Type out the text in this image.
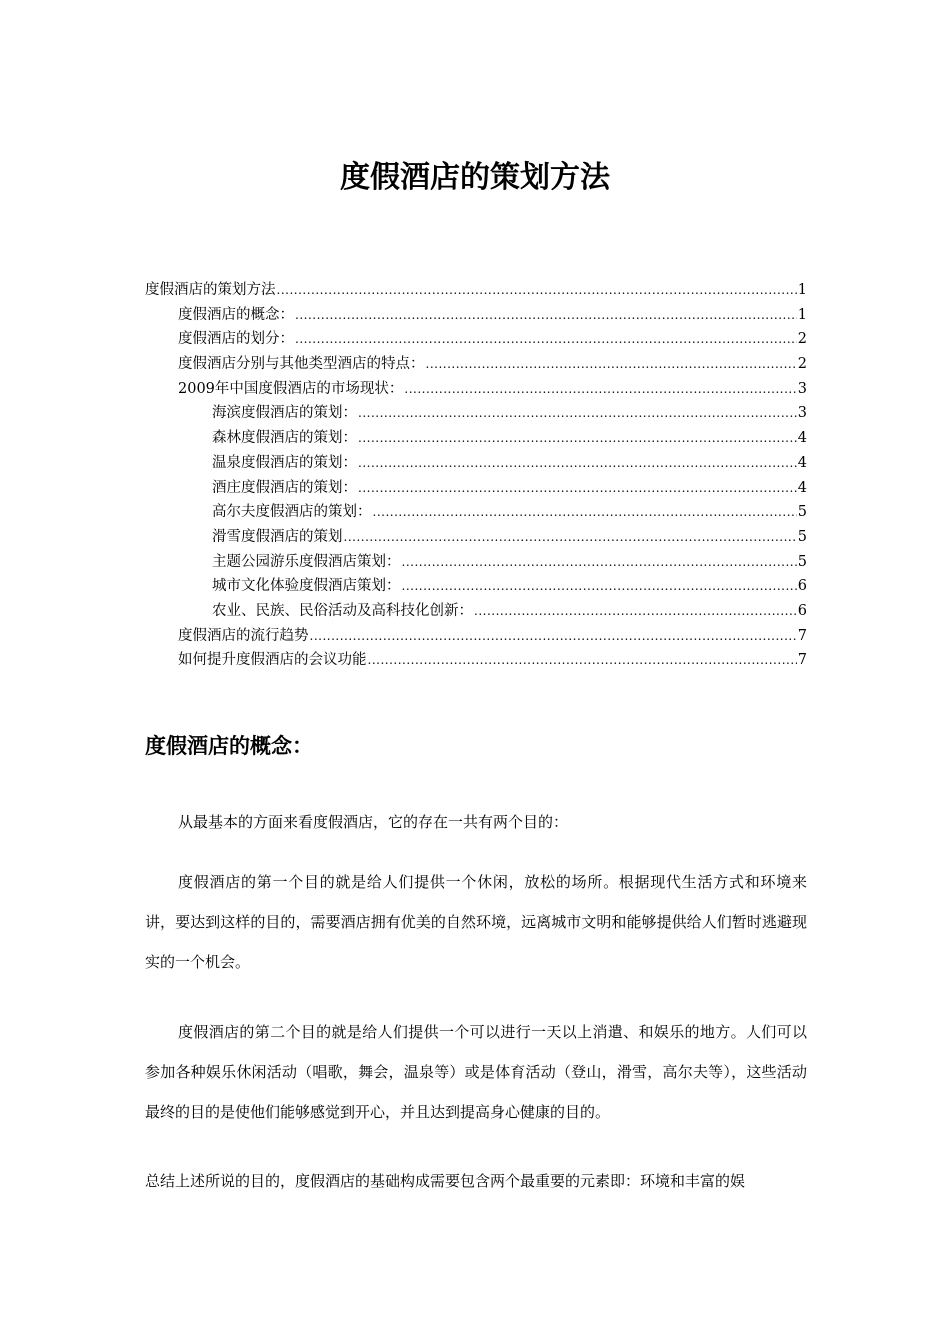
度假酒店的策划方法
度假酒店的策划方法 .....	1
度假酒店的概念： .....	1
度假酒店的划分： .....	2
度假酒店分别与其他类型酒店的特点： .....	2
2009年中国度假酒店的市场现状： .....	3
海滨度假酒店的策划： .....	3
森林度假酒店的策划： .....	4
温泉度假酒店的策划： .....	4
酒庄度假酒店的策划： .....	4
高尔夫度假酒店的策划： .....	5
滑雪度假酒店的策划 .....	5
主题公园游乐度假酒店策划： .....	5
城市文化体验度假酒店策划： .....	6
农业、民族、民俗活动及高科技化创新： .....	6
度假酒店的流行趋势 .....	7
如何提升度假酒店的会议功能 .....	7
度假酒店的概念：

从最基本的方面来看度假酒店，它的存在一共有两个目的：

度假酒店的第一个目的就是给人们提供一个休闲，放松的场所。根据现代生活方式和环境来讲，要达到这样的目的，需要酒店拥有优美的自然环境，远离城市文明和能够提供给人们暂时逃避现实的一个机会。

度假酒店的第二个目的就是给人们提供一个可以进行一天以上消遣、和娱乐的地方。人们可以参加各种娱乐休闲活动（唱歌，舞会，温泉等）或是体育活动（登山，滑雪，高尔夫等），这些活动最终的目的是使他们能够感觉到开心，并且达到提高身心健康的目的。

总结上述所说的目的，度假酒店的基础构成需要包含两个最重要的元素即：环境和丰富的娱
